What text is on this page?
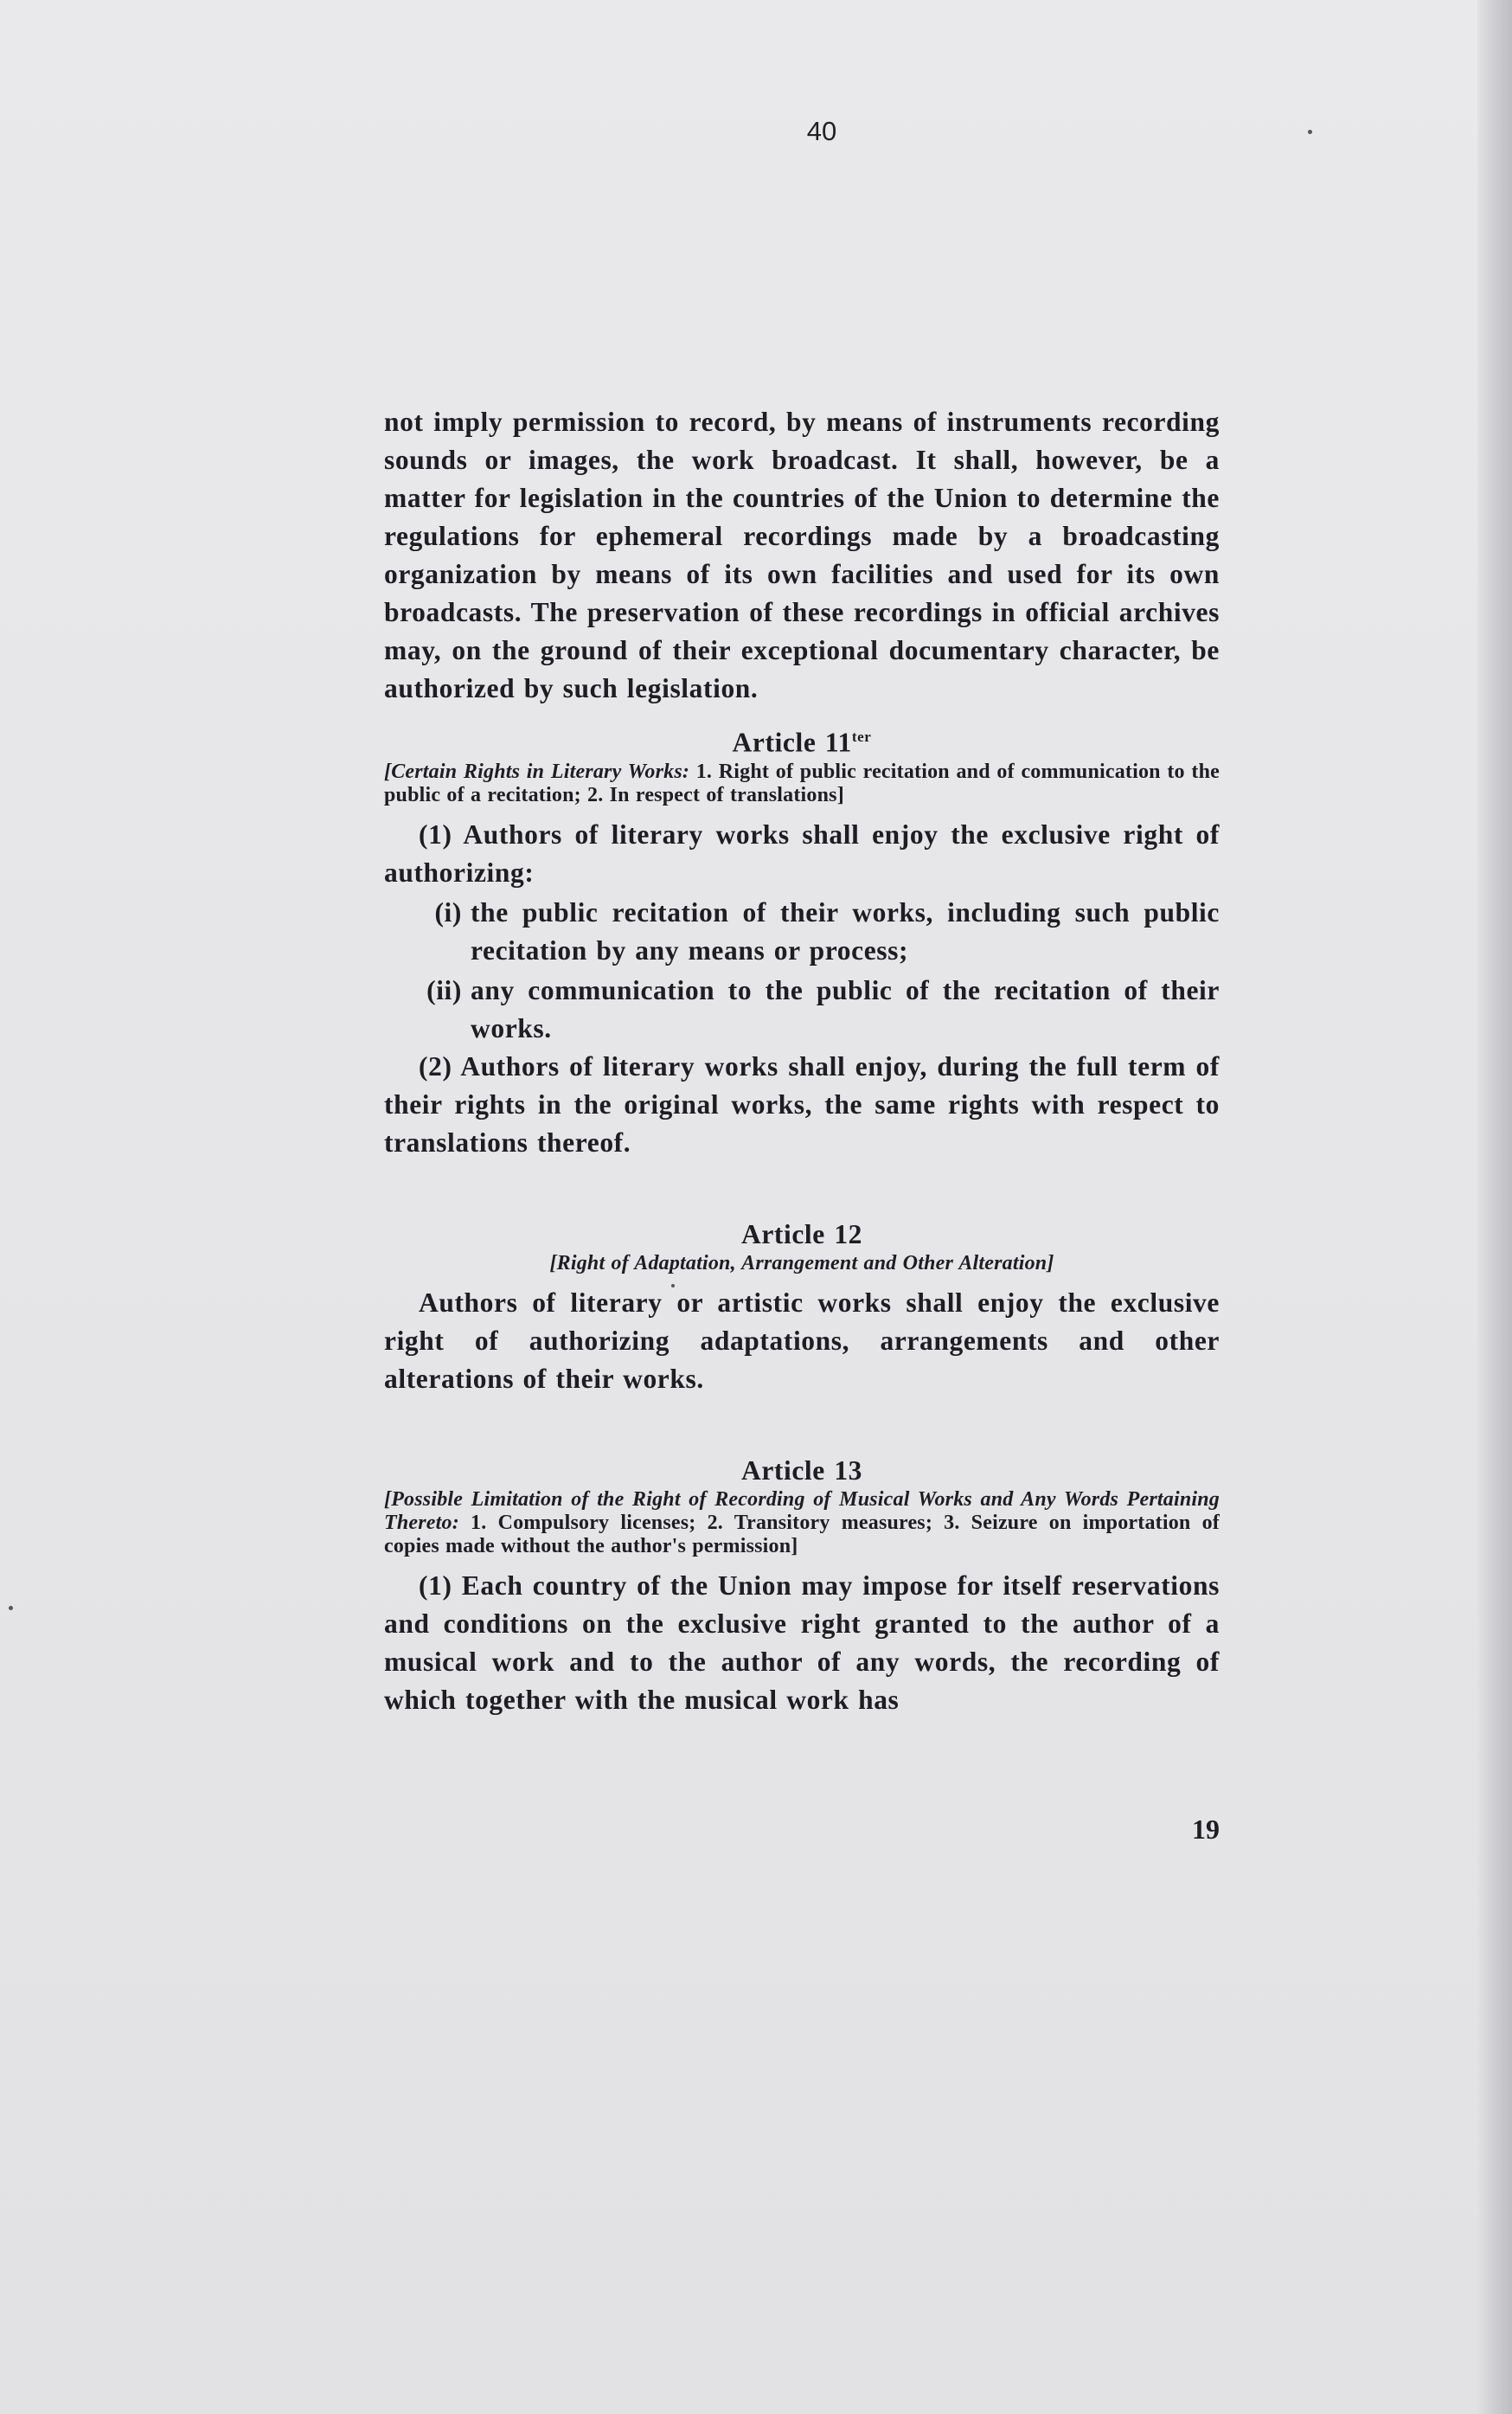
40

not imply permission to record, by means of instruments recording sounds or images, the work broadcast. It shall, however, be a matter for legislation in the countries of the Union to determine the regulations for ephemeral recordings made by a broadcasting organization by means of its own facilities and used for its own broadcasts. The preservation of these recordings in official archives may, on the ground of their exceptional documentary character, be authorized by such legislation.

Article $11^{ter}$

[Certain Rights in Literary Works: 1. Right of public recitation and of communication to the public of a recitation; 2. In respect of translations]

(1) Authors of literary works shall enjoy the exclusive right of authorizing:

(i) the public recitation of their works, including such public recitation by any means or process;
(ii) any communication to the public of the recitation of their works.

(2) Authors of literary works shall enjoy, during the full term of their rights in the original works, the same rights with respect to translations thereof.

Article 12

[Right of Adaptation, Arrangement and Other Alteration]

Authors of literary or artistic works shall enjoy the exclusive right of authorizing adaptations, arrangements and other alterations of their works.

Article 13

[Possible Limitation of the Right of Recording of Musical Works and Any Words Pertaining Thereto: 1. Compulsory licenses; 2. Transitory measures; 3. Seizure on importation of copies made without the author's permission]

(1) Each country of the Union may impose for itself reservations and conditions on the exclusive right granted to the author of a musical work and to the author of any words, the recording of which together with the musical work has

19
